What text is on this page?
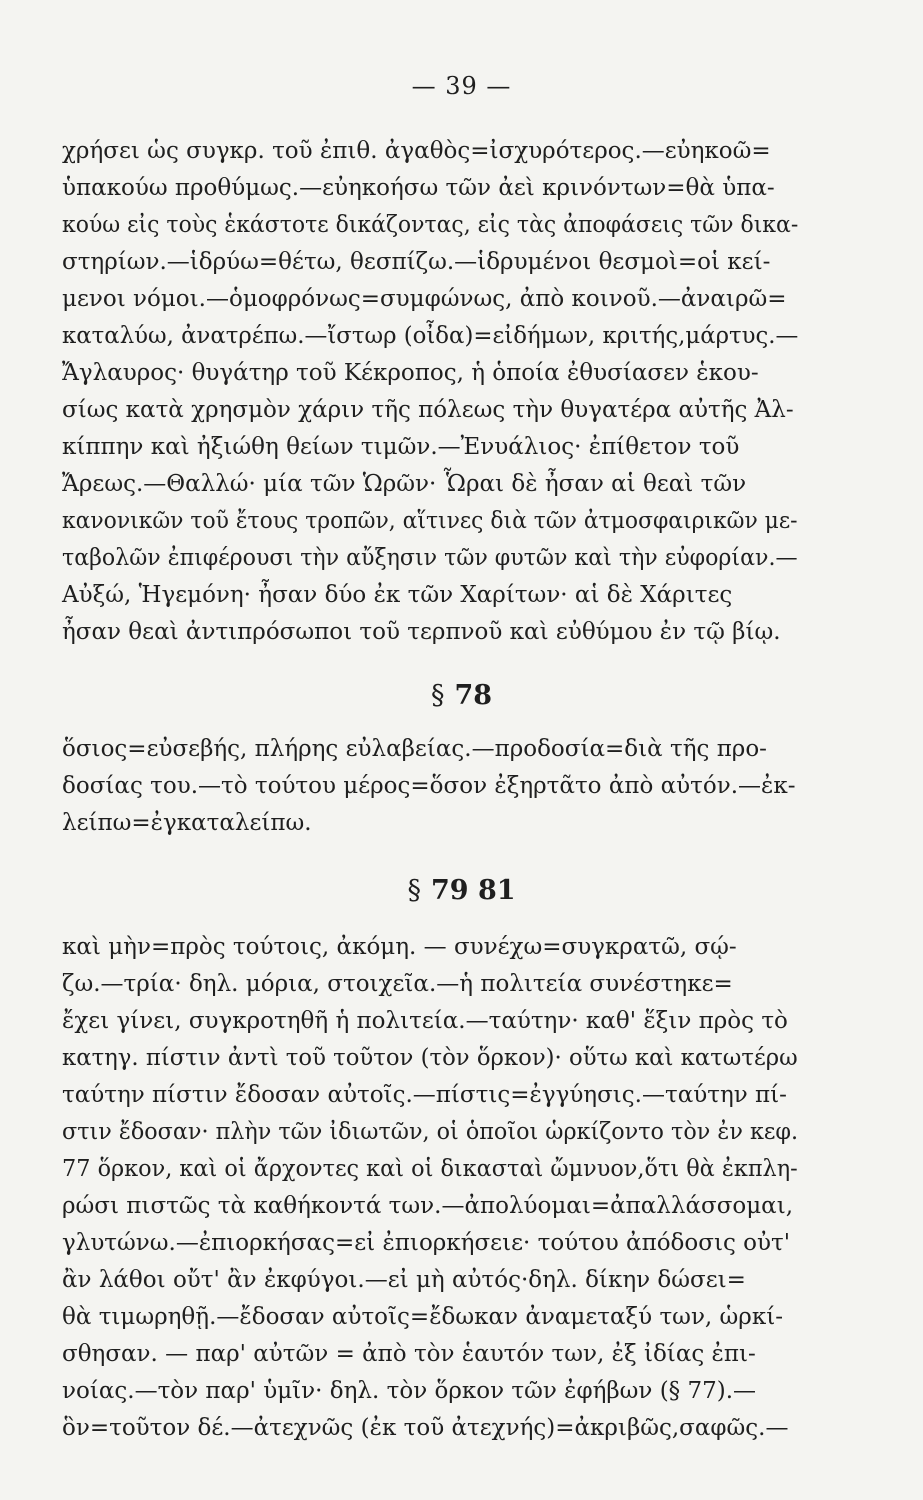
— 39 —
χρήσει ὡς συγκρ. τοῦ ἐπιθ. ἀγαθὸς=ἰσχυρότερος.—εὐηκοῶ=
ὑπακούω προθύμως.—εὐηκοήσω τῶν ἀεὶ κρινόντων=θὰ ὑπα-
κούω εἰς τοὺς ἑκάστοτε δικάζοντας, εἰς τὰς ἀποφάσεις τῶν δικα-
στηρίων.—ἱδρύω=θέτω, θεσπίζω.—ἱδρυμένοι θεσμοὶ=οἱ κεί-
μενοι νόμοι.—ὁμοφρόνως=συμφώνως, ἀπὸ κοινοῦ.—ἀναιρῶ=
καταλύω, ἀνατρέπω.—ἴστωρ (οἶδα)=εἰδήμων, κριτής,μάρτυς.—
Ἄγλαυρος· θυγάτηρ τοῦ Κέκροπος, ἡ ὁποία ἐθυσίασεν ἑκου-
σίως κατὰ χρησμὸν χάριν τῆς πόλεως τὴν θυγατέρα αὐτῆς Ἀλ-
κίππην καὶ ἠξιώθη θείων τιμῶν.—Ἐνυάλιος· ἐπίθετον τοῦ
Ἄρεως.—Θαλλώ· μία τῶν Ὡρῶν· Ὧραι δὲ ἦσαν αἱ θεαὶ τῶν
κανονικῶν τοῦ ἔτους τροπῶν, αἵτινες διὰ τῶν ἀτμοσφαιρικῶν με-
ταβολῶν ἐπιφέρουσι τὴν αὔξησιν τῶν φυτῶν καὶ τὴν εὐφορίαν.—
Αὐξώ, Ἡγεμόνη· ἦσαν δύο ἐκ τῶν Χαρίτων· αἱ δὲ Χάριτες
ἦσαν θεαὶ ἀντιπρόσωποι τοῦ τερπνοῦ καὶ εὐθύμου ἐν τῷ βίῳ.
§ 78
ὅσιος=εὐσεβής, πλήρης εὐλαβείας.—προδοσία=διὰ τῆς προ-
δοσίας του.—τὸ τούτου μέρος=ὅσον ἐξηρτᾶτο ἀπὸ αὐτόν.—ἐκ-
λείπω=ἐγκαταλείπω.
§ 79 81
καὶ μὴν=πρὸς τούτοις, ἀκόμη. — συνέχω=συγκρατῶ, σῴ-
ζω.—τρία· δηλ. μόρια, στοιχεῖα.—ἡ πολιτεία συνέστηκε=
ἔχει γίνει, συγκροτηθῆ ἡ πολιτεία.—ταύτην· καθ' ἕξιν πρὸς τὸ
κατηγ. πίστιν ἀντὶ τοῦ τοῦτον (τὸν ὅρκον)· οὕτω καὶ κατωτέρω
ταύτην πίστιν ἔδοσαν αὐτοῖς.—πίστις=ἐγγύησις.—ταύτην πί-
στιν ἔδοσαν· πλὴν τῶν ἰδιωτῶν, οἱ ὁποῖοι ὡρκίζοντο τὸν ἐν κεφ.
77 ὅρκον, καὶ οἱ ἄρχοντες καὶ οἱ δικασταὶ ὤμνυον,ὅτι θὰ ἐκπλη-
ρώσι πιστῶς τὰ καθήκοντά των.—ἀπολύομαι=ἀπαλλάσσομαι,
γλυτώνω.—ἐπιορκήσας=εἰ ἐπιορκήσειε· τούτου ἀπόδοσις οὐτ'
ἂν λάθοι οὔτ' ἂν ἐκφύγοι.—εἰ μὴ αὐτός·δηλ. δίκην δώσει=
θὰ τιμωρηθῇ.—ἔδοσαν αὐτοῖς=ἔδωκαν ἀναμεταξύ των, ὡρκί-
σθησαν. — παρ' αὐτῶν = ἀπὸ τὸν ἑαυτόν των, ἐξ ἰδίας ἐπι-
νοίας.—τὸν παρ' ὑμῖν· δηλ. τὸν ὅρκον τῶν ἐφήβων (§ 77).—
ὃν=τοῦτον δέ.—ἀτεχνῶς (ἐκ τοῦ ἀτεχνής)=ἀκριβῶς,σαφῶς.—
